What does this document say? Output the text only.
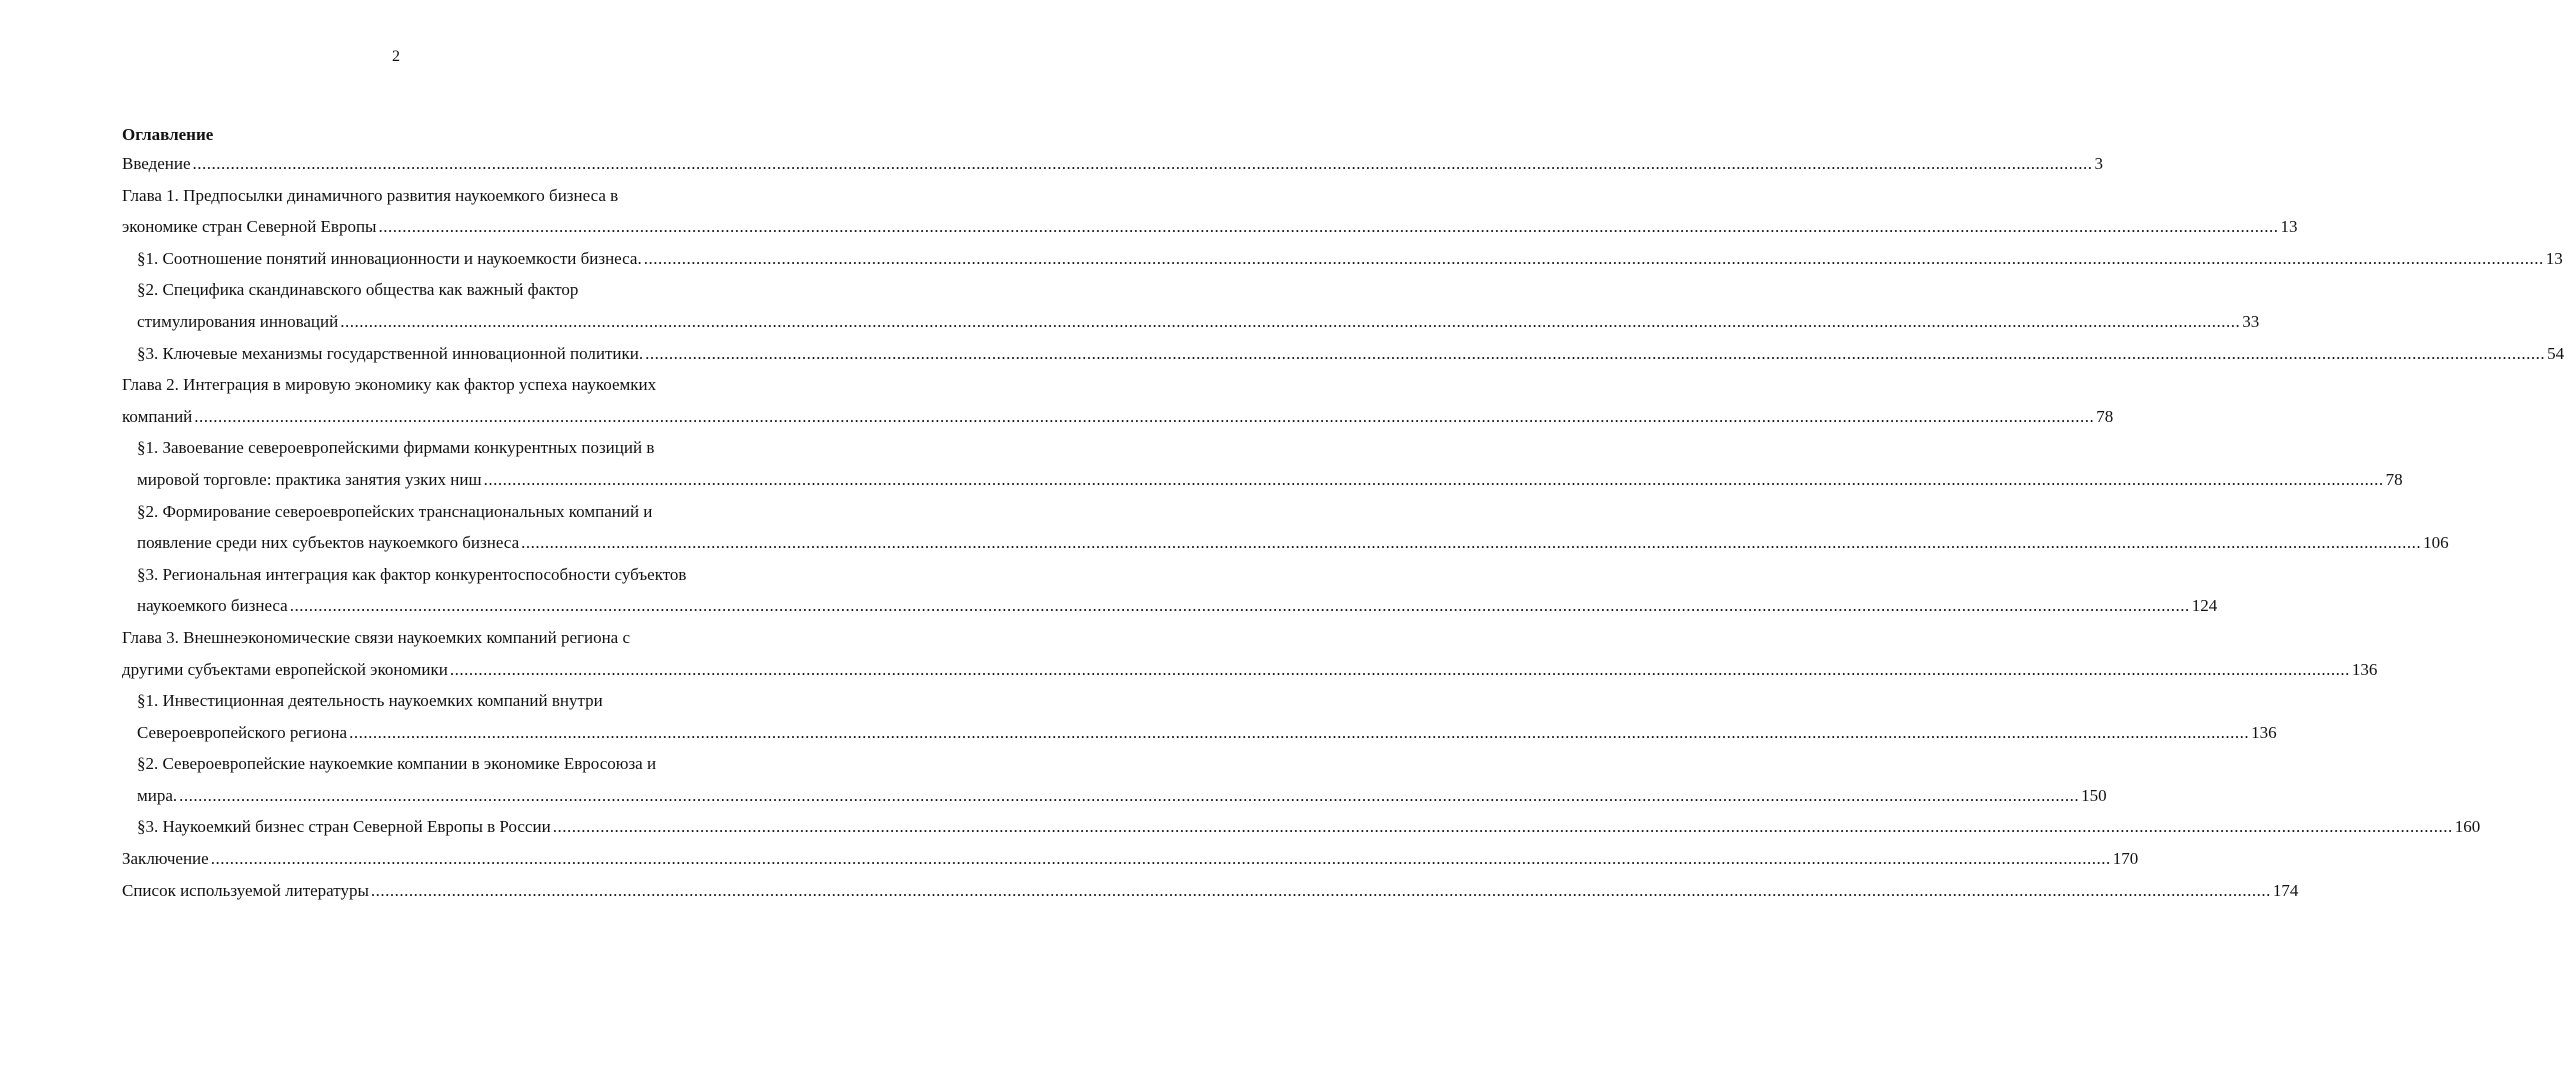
2
Оглавление
Введение ................................................................................................................................................................................................................................................................................................................................................................................................................ 3
Глава 1. Предпосылки динамичного развития наукоемкого бизнеса в
экономике стран Северной Европы ................................................................................................................................................................................................................................................................................................................................................................................................................ 13
§1. Соотношение понятий инновационности и наукоемкости бизнеса. ................................................................................................................................................................................................................................................................................................................................................................................................................ 13
§2. Специфика скандинавского общества как важный фактор
стимулирования инноваций ................................................................................................................................................................................................................................................................................................................................................................................................................ 33
§3. Ключевые механизмы государственной инновационной политики. ................................................................................................................................................................................................................................................................................................................................................................................................................ 54
Глава 2. Интеграция в мировую экономику как фактор успеха наукоемких
компаний ................................................................................................................................................................................................................................................................................................................................................................................................................ 78
§1. Завоевание североевропейскими фирмами конкурентных позиций в
мировой торговле: практика занятия узких ниш ................................................................................................................................................................................................................................................................................................................................................................................................................ 78
§2. Формирование североевропейских транснациональных компаний и
появление среди них субъектов наукоемкого бизнеса ................................................................................................................................................................................................................................................................................................................................................................................................................ 106
§3. Региональная интеграция как фактор конкурентоспособности субъектов
наукоемкого бизнеса ................................................................................................................................................................................................................................................................................................................................................................................................................ 124
Глава 3. Внешнеэкономические связи наукоемких компаний региона с
другими субъектами европейской экономики ................................................................................................................................................................................................................................................................................................................................................................................................................ 136
§1. Инвестиционная деятельность наукоемких компаний внутри
Североевропейского региона ................................................................................................................................................................................................................................................................................................................................................................................................................ 136
§2. Североевропейские наукоемкие компании в экономике Евросоюза и
мира. ................................................................................................................................................................................................................................................................................................................................................................................................................ 150
§3. Наукоемкий бизнес стран Северной Европы в России ................................................................................................................................................................................................................................................................................................................................................................................................................ 160
Заключение ................................................................................................................................................................................................................................................................................................................................................................................................................ 170
Список используемой литературы ................................................................................................................................................................................................................................................................................................................................................................................................................ 174
